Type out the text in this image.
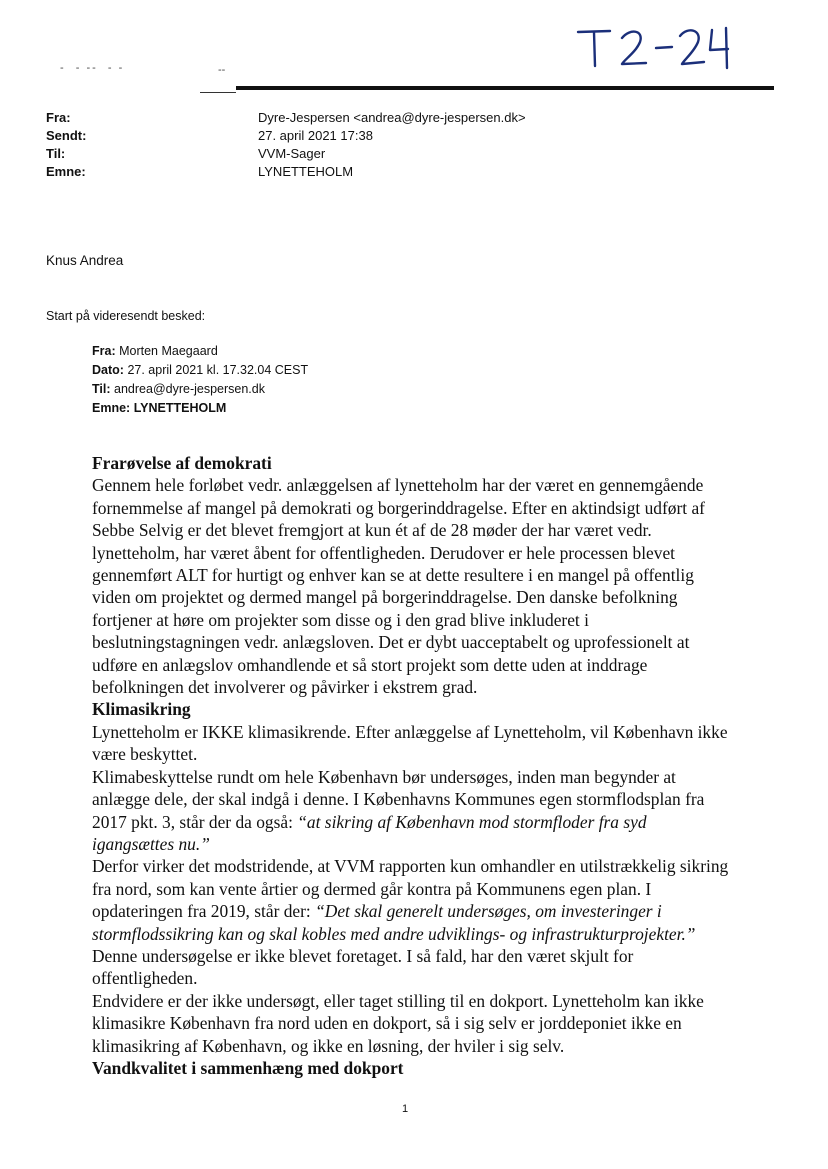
-  - --  - -	--
Fra:	Dyre-Jespersen <andrea@dyre-jespersen.dk>
Sendt:	27. april 2021 17:38
Til:	VVM-Sager
Emne:	LYNETTEHOLM
Knus Andrea
Start på videresendt besked:
Fra: Morten Maegaard
Dato: 27. april 2021 kl. 17.32.04 CEST
Til: andrea@dyre-jespersen.dk
Emne: LYNETTEHOLM
Frarøvelse af demokrati

Gennem hele forløbet vedr. anlæggelsen af lynetteholm har der været en gennemgående fornemmelse af mangel på demokrati og borgerinddragelse. Efter en aktindsigt udført af Sebbe Selvig er det blevet fremgjort at kun ét af de 28 møder der har været vedr. lynetteholm, har været åbent for offentligheden. Derudover er hele processen blevet gennemført ALT for hurtigt og enhver kan se at dette resultere i en mangel på offentlig viden om projektet og dermed mangel på borgerinddragelse. Den danske befolkning fortjener at høre om projekter som disse og i den grad blive inkluderet i beslutningstagningen vedr. anlægsloven. Det er dybt uacceptabelt og uprofessionelt at udføre en anlægslov omhandlende et så stort projekt som dette uden at inddrage befolkningen det involverer og påvirker i ekstrem grad.

Klimasikring

Lynetteholm er IKKE klimasikrende. Efter anlæggelse af Lynetteholm, vil København ikke være beskyttet.

Klimabeskyttelse rundt om hele København bør undersøges, inden man begynder at anlægge dele, der skal indgå i denne. I Københavns Kommunes egen stormflodsplan fra 2017 pkt. 3, står der da også: “at sikring af København mod stormfloder fra syd igangsættes nu.”

Derfor virker det modstridende, at VVM rapporten kun omhandler en utilstrækkelig sikring fra nord, som kan vente årtier og dermed går kontra på Kommunens egen plan. I opdateringen fra 2019, står der: “Det skal generelt undersøges, om investeringer i stormflodssikring kan og skal kobles med andre udviklings- og infrastrukturprojekter.” Denne undersøgelse er ikke blevet foretaget. I så fald, har den været skjult for offentligheden.

Endvidere er der ikke undersøgt, eller taget stilling til en dokport. Lynetteholm kan ikke klimasikre København fra nord uden en dokport, så i sig selv er jorddeponiet ikke en klimasikring af København, og ikke en løsning, der hviler i sig selv.

Vandkvalitet i sammenhæng med dokport
1
